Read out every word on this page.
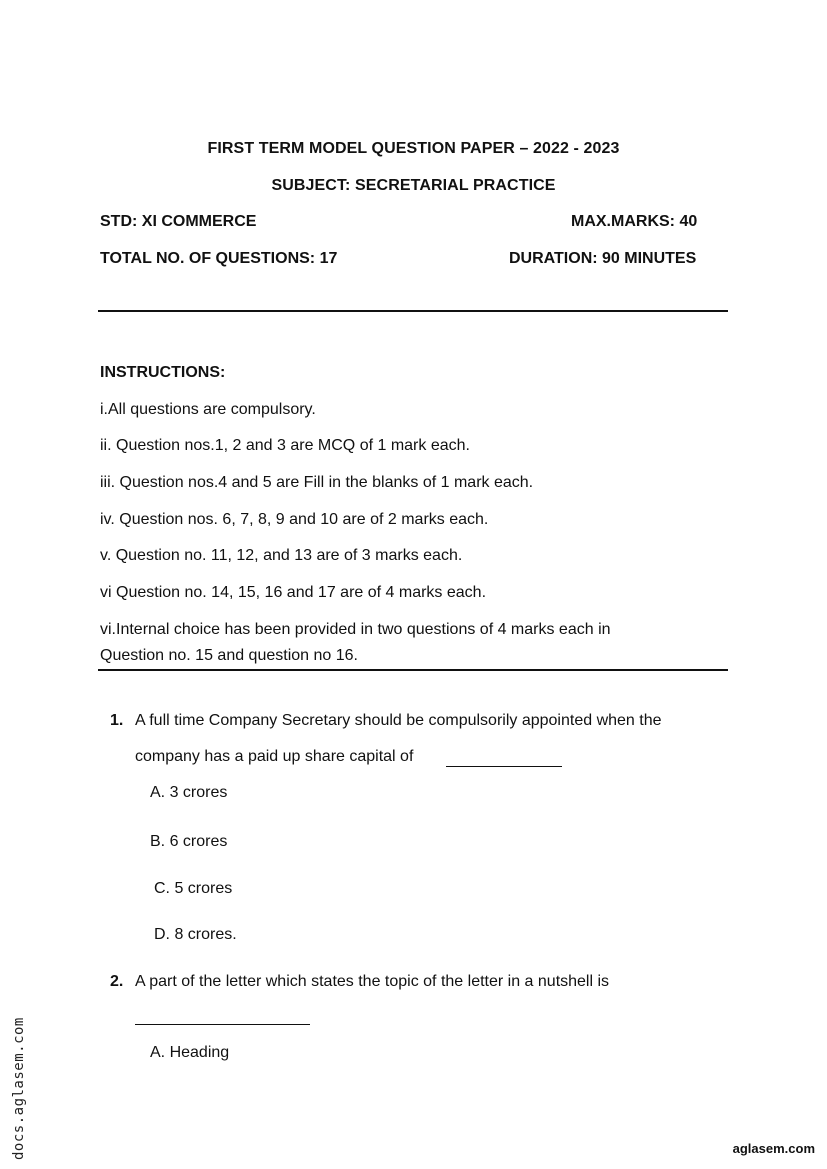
FIRST TERM MODEL QUESTION PAPER – 2022 - 2023
SUBJECT: SECRETARIAL PRACTICE
STD: XI COMMERCE	MAX.MARKS: 40
TOTAL NO. OF QUESTIONS: 17	DURATION: 90 MINUTES
INSTRUCTIONS:
i.All questions are compulsory.
ii. Question nos.1, 2 and 3 are MCQ of 1 mark each.
iii. Question nos.4 and 5 are Fill in the blanks of 1 mark each.
iv. Question nos. 6, 7, 8, 9 and 10 are of 2 marks each.
v. Question no. 11, 12, and 13 are of 3 marks each.
vi Question no. 14, 15, 16 and 17 are of 4 marks each.
vi.Internal choice has been provided in two questions of 4 marks each in
Question no. 15 and question no 16.
1. A full time Company Secretary should be compulsorily appointed when the
company has a paid up share capital of
A. 3 crores
B. 6 crores
C. 5 crores
D. 8 crores.
2. A part of the letter which states the topic of the letter in a nutshell is
A. Heading
docs.aglasem.com	aglasem.com
